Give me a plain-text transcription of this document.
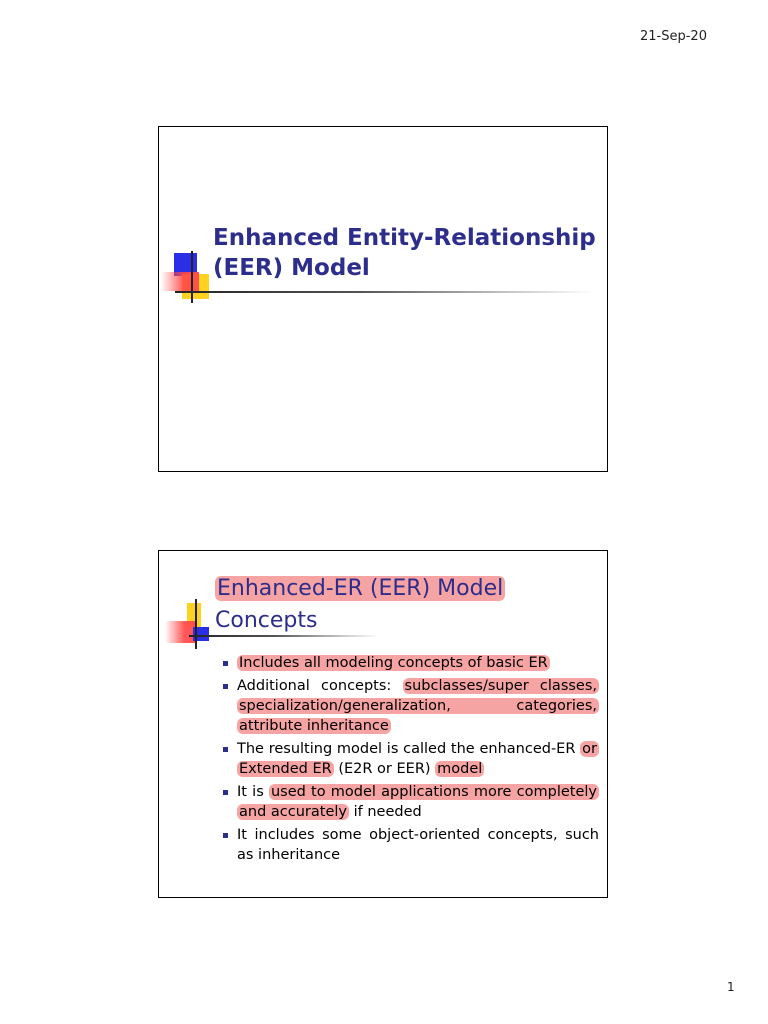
21-Sep-20
Enhanced Entity-Relationship
(EER) Model
Enhanced-ER (EER) Model
Concepts
Includes all modeling concepts of basic ER
Additional concepts: subclasses/super classes, specialization/generalization, categories, attribute inheritance
The resulting model is called the enhanced-ER or Extended ER (E2R or EER) model
It is used to model applications more completely and accurately if needed
It includes some object-oriented concepts, such as inheritance
1
